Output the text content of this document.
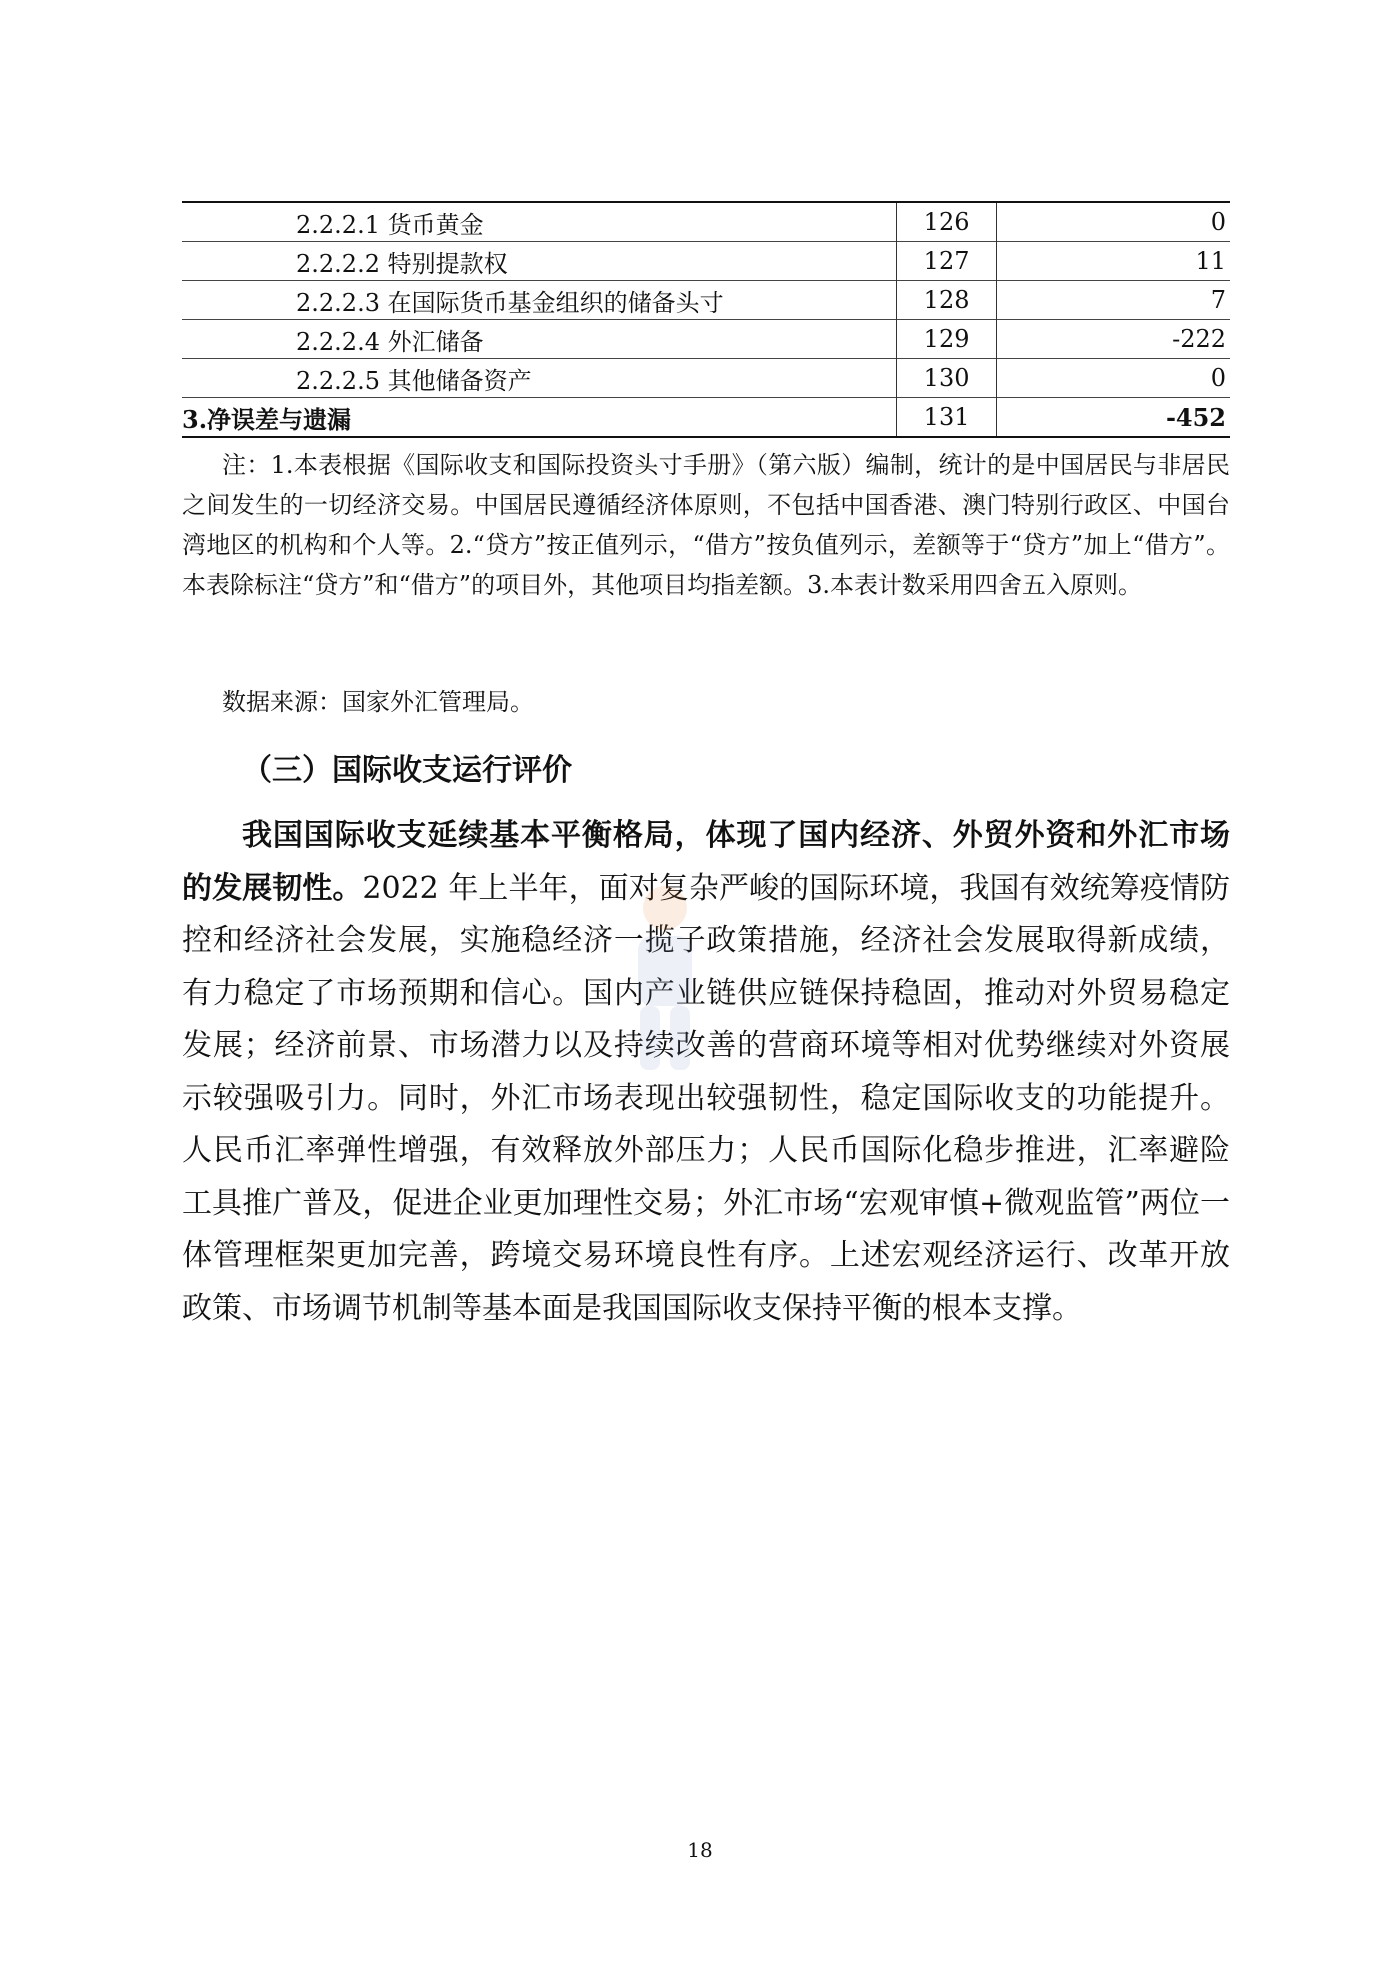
2.2.2.1 货币黄金	126	0
2.2.2.2 特别提款权	127	11
2.2.2.3 在国际货币基金组织的储备头寸	128	7
2.2.2.4 外汇储备	129	-222
2.2.2.5 其他储备资产	130	0
3.净误差与遗漏	131	-452

注：1.本表根据《国际收支和国际投资头寸手册》（第六版）编制，统计的是中国居民与非居民之间发生的一切经济交易。中国居民遵循经济体原则，不包括中国香港、澳门特别行政区、中国台湾地区的机构和个人等。2.“贷方”按正值列示，“借方”按负值列示，差额等于“贷方”加上“借方”。本表除标注“贷方”和“借方”的项目外，其他项目均指差额。3.本表计数采用四舍五入原则。

数据来源：国家外汇管理局。

（三）国际收支运行评价

我国国际收支延续基本平衡格局，体现了国内经济、外贸外资和外汇市场的发展韧性。2022 年上半年，面对复杂严峻的国际环境，我国有效统筹疫情防控和经济社会发展，实施稳经济一揽子政策措施，经济社会发展取得新成绩，有力稳定了市场预期和信心。国内产业链供应链保持稳固，推动对外贸易稳定发展；经济前景、市场潜力以及持续改善的营商环境等相对优势继续对外资展示较强吸引力。同时，外汇市场表现出较强韧性，稳定国际收支的功能提升。人民币汇率弹性增强，有效释放外部压力；人民币国际化稳步推进，汇率避险工具推广普及，促进企业更加理性交易；外汇市场“宏观审慎+微观监管”两位一体管理框架更加完善，跨境交易环境良性有序。上述宏观经济运行、改革开放政策、市场调节机制等基本面是我国国际收支保持平衡的根本支撑。

18
